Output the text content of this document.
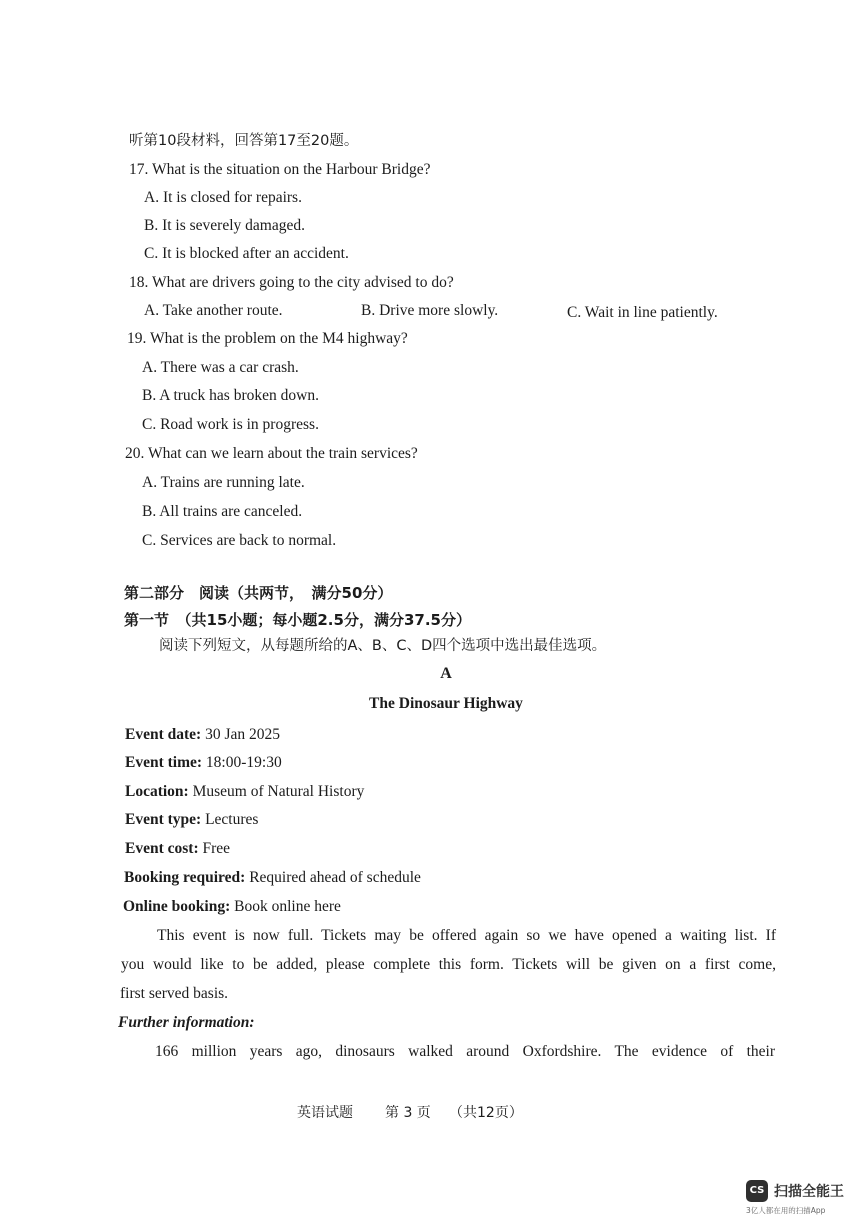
听第10段材料，回答第17至20题。
17. What is the situation on the Harbour Bridge?
A. It is closed for repairs.
B. It is severely damaged.
C. It is blocked after an accident.
18. What are drivers going to the city advised to do?
A. Take another route.	B. Drive more slowly.	C. Wait in line patiently.
19. What is the problem on the M4 highway?
A. There was a car crash.
B. A truck has broken down.
C. Road work is in progress.
20. What can we learn about the train services?
A. Trains are running late.
B. All trains are canceled.
C. Services are back to normal.
第二部分　阅读（共两节，　满分50分）
第一节　（共15小题；每小题2.5分，满分37.5分）
阅读下列短文，从每题所给的A、B、C、D四个选项中选出最佳选项。
A
The Dinosaur Highway
Event date: 30 Jan 2025
Event time: 18:00-19:30
Location: Museum of Natural History
Event type: Lectures
Event cost: Free
Booking required: Required ahead of schedule
Online booking: Book online here
This event is now full. Tickets may be offered again so we have opened a waiting list. If
you would like to be added, please complete this form. Tickets will be given on a first come,
first served basis.
Further information:
166 million years ago, dinosaurs walked around Oxfordshire. The evidence of their
英语试题 第 3 页 （共12页）
CS 扫描全能王
3亿人都在用的扫描App
